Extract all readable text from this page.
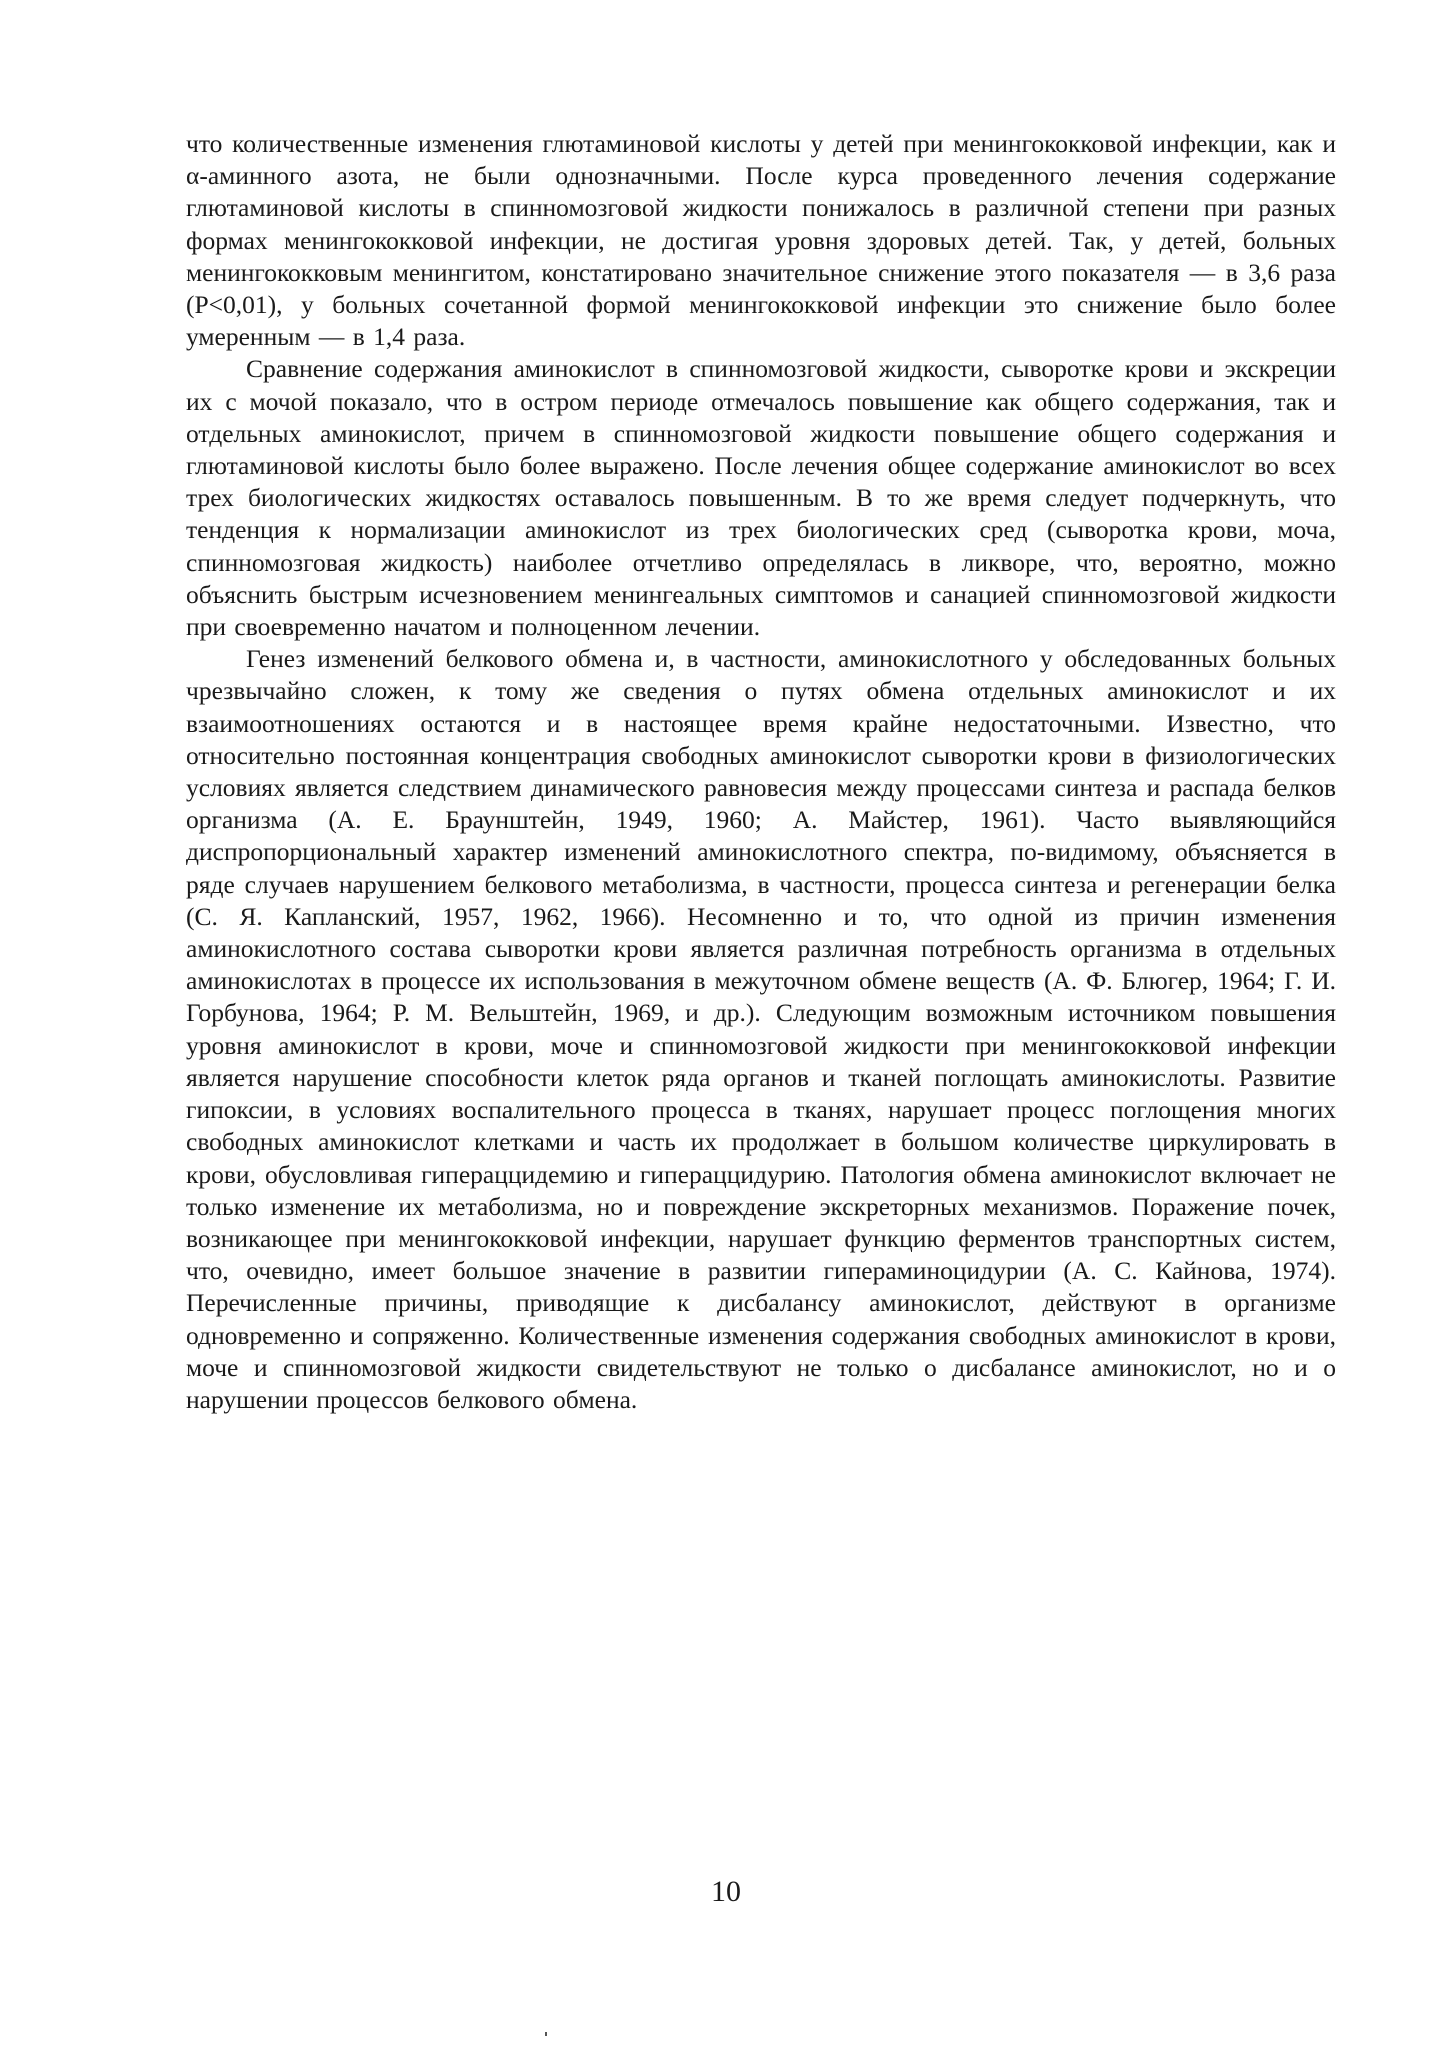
что количественные изменения глютаминовой кислоты у детей при менингококковой инфекции, как и α-аминного азота, не были однозначными. После курса проведенного лечения содержание глютаминовой кислоты в спинномозговой жидкости понижалось в различной степени при разных формах менингококковой инфекции, не достигая уровня здоровых детей. Так, у детей, больных менингококковым менингитом, констатировано значительное снижение этого показателя — в 3,6 раза (Р<0,01), у больных сочетанной формой менингококковой инфекции это снижение было более умеренным — в 1,4 раза.

Сравнение содержания аминокислот в спинномозговой жидкости, сыворотке крови и экскреции их с мочой показало, что в остром периоде отмечалось повышение как общего содержания, так и отдельных аминокислот, причем в спинномозговой жидкости повышение общего содержания и глютаминовой кислоты было более выражено. После лечения общее содержание аминокислот во всех трех биологических жидкостях оставалось повышенным. В то же время следует подчеркнуть, что тенденция к нормализации аминокислот из трех биологических сред (сыворотка крови, моча, спинномозговая жидкость) наиболее отчетливо определялась в ликворе, что, вероятно, можно объяснить быстрым исчезновением менингеальных симптомов и санацией спинномозговой жидкости при своевременно начатом и полноценном лечении.

Генез изменений белкового обмена и, в частности, аминокислотного у обследованных больных чрезвычайно сложен, к тому же сведения о путях обмена отдельных аминокислот и их взаимоотношениях остаются и в настоящее время крайне недостаточными. Известно, что относительно постоянная концентрация свободных аминокислот сыворотки крови в физиологических условиях является следствием динамического равновесия между процессами синтеза и распада белков организма (А. Е. Браунштейн, 1949, 1960; А. Майстер, 1961). Часто выявляющийся диспропорциональный характер изменений аминокислотного спектра, по-видимому, объясняется в ряде случаев нарушением белкового метаболизма, в частности, процесса синтеза и регенерации белка (С. Я. Капланский, 1957, 1962, 1966). Несомненно и то, что одной из причин изменения аминокислотного состава сыворотки крови является различная потребность организма в отдельных аминокислотах в процессе их использования в межуточном обмене веществ (А. Ф. Блюгер, 1964; Г. И. Горбунова, 1964; Р. М. Вельштейн, 1969, и др.). Следующим возможным источником повышения уровня аминокислот в крови, моче и спинномозговой жидкости при менингококковой инфекции является нарушение способности клеток ряда органов и тканей поглощать аминокислоты. Развитие гипоксии, в условиях воспалительного процесса в тканях, нарушает процесс поглощения многих свободных аминокислот клетками и часть их продолжает в большом количестве циркулировать в крови, обусловливая гипераццидемию и гипераццидурию. Патология обмена аминокислот включает не только изменение их метаболизма, но и повреждение экскреторных механизмов. Поражение почек, возникающее при менингококковой инфекции, нарушает функцию ферментов транспортных систем, что, очевидно, имеет большое значение в развитии гипераминоцидурии (А. С. Кайнова, 1974). Перечисленные причины, приводящие к дисбалансу аминокислот, действуют в организме одновременно и сопряженно. Количественные изменения содержания свободных аминокислот в крови, моче и спинномозговой жидкости свидетельствуют не только о дисбалансе аминокислот, но и о нарушении процессов белкового обмена.

10
